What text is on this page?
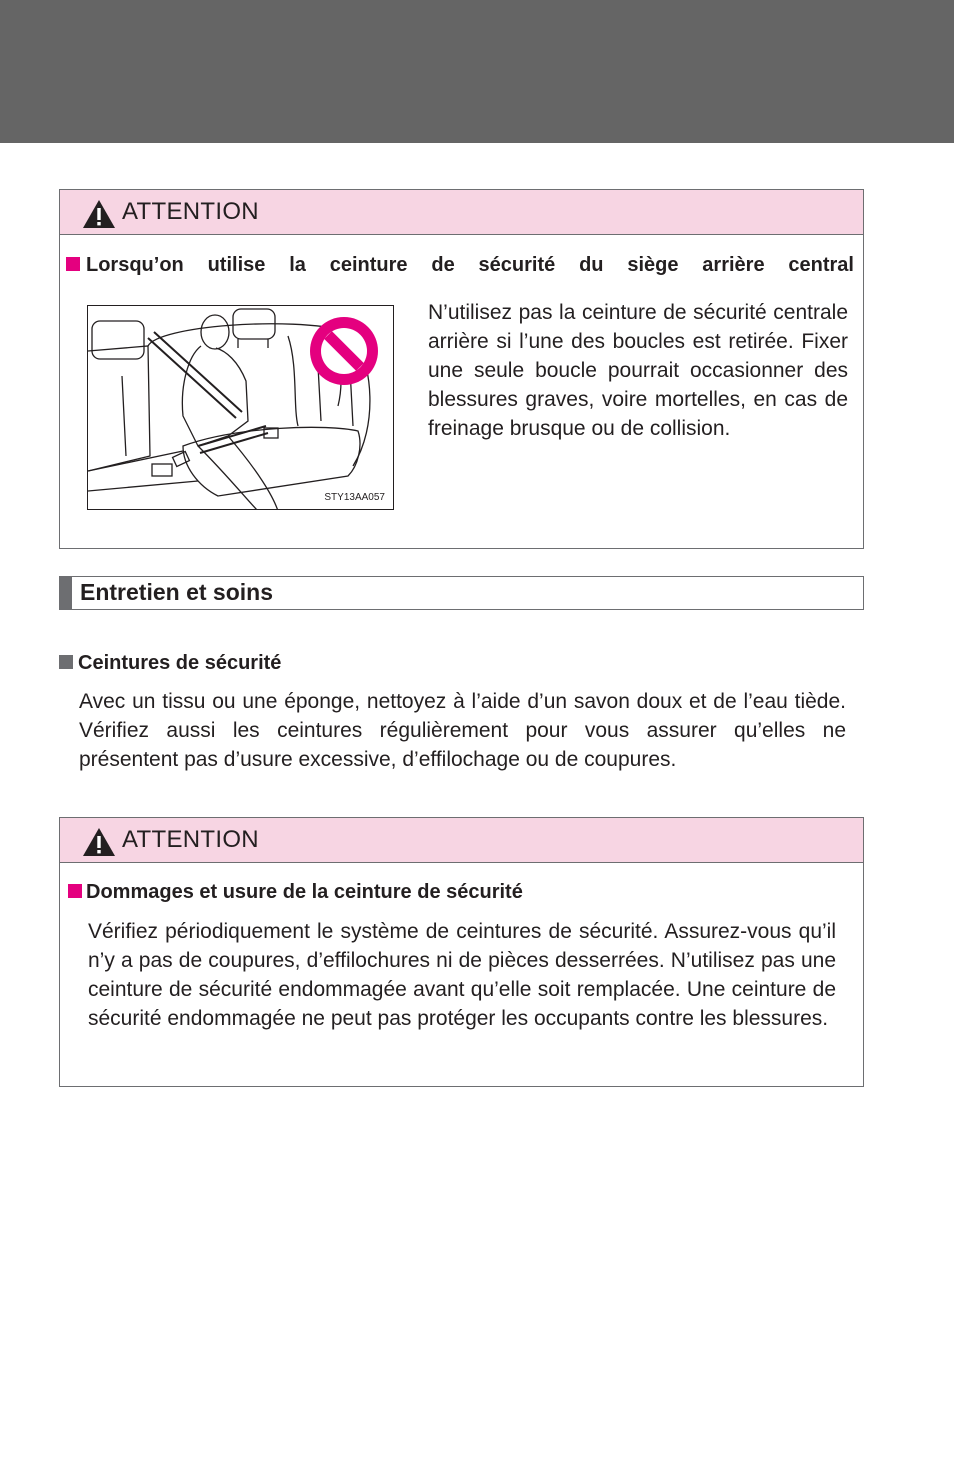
ATTENTION
Lorsqu’on utilise la ceinture de sécurité du siège arrière central
STY13AA057
N’utilisez pas la ceinture de sécurité centrale arrière si l’une des boucles est retirée. Fixer une seule boucle pourrait occasionner des blessures graves, voire mortelles, en cas de freinage brusque ou de collision.
Entretien et soins
Ceintures de sécurité
Avec un tissu ou une éponge, nettoyez à l’aide d’un savon doux et de l’eau tiède. Vérifiez aussi les ceintures régulièrement pour vous assurer qu’elles ne présentent pas d’usure excessive, d’effilochage ou de coupures.
ATTENTION
Dommages et usure de la ceinture de sécurité
Vérifiez périodiquement le système de ceintures de sécurité. Assurez-vous qu’il n’y a pas de coupures, d’effilochures ni de pièces desserrées. N’utilisez pas une ceinture de sécurité endommagée avant qu’elle soit remplacée. Une ceinture de sécurité endommagée ne peut pas protéger les occupants contre les blessures.
